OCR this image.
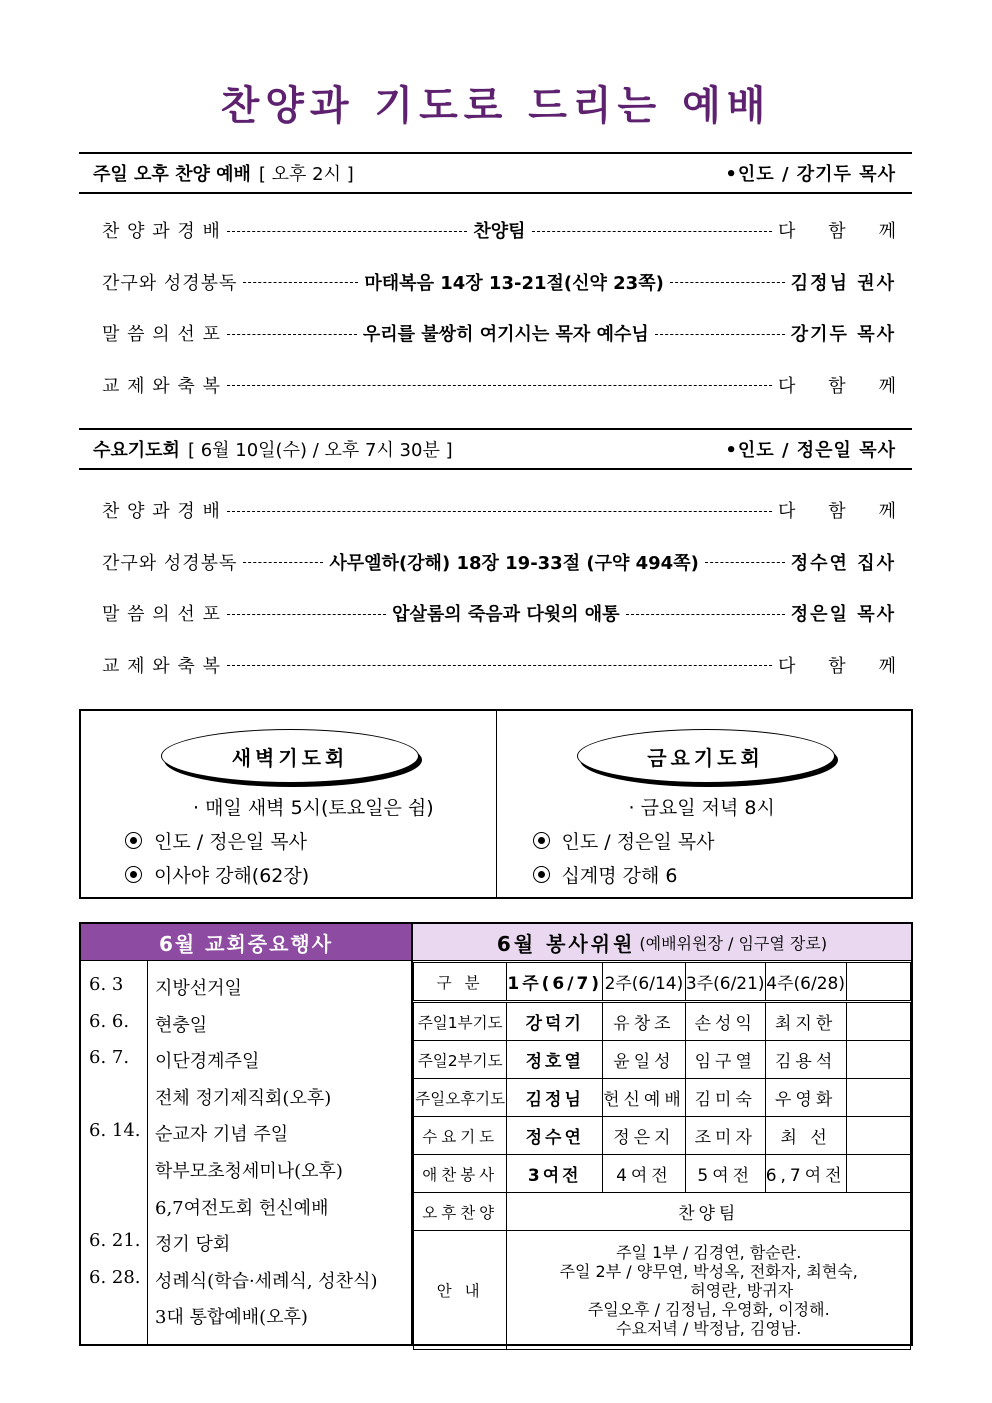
찬양과 기도로 드리는 예배
주일 오후 찬양 예배 [ 오후 2시 ]	•인도 / 강기두 목사
찬 양 과 경 배	찬양팀	다 함 께
간구와 성경봉독	마태복음 14장 13-21절(신약 23쪽)	김정님 권사
말 씀 의 선 포	우리를 불쌍히 여기시는 목자 예수님	강기두 목사
교 제 와 축 복	다 함 께
수요기도회 [ 6월 10일(수) / 오후 7시 30분 ]	•인도 / 정은일 목사
찬 양 과 경 배	다 함 께
간구와 성경봉독	사무엘하(강해) 18장 19-33절 (구약 494쪽)	정수연 집사
말 씀 의 선 포	압살롬의 죽음과 다윗의 애통	정은일 목사
교 제 와 축 복	다 함 께
새벽기도회
· 매일 새벽 5시(토요일은 쉼)
인도 / 정은일 목사
이사야 강해(62장)
금요기도회
· 금요일 저녁 8시
인도 / 정은일 목사
십계명 강해 6
6월 교회중요행사
6. 3 지방선거일
6. 6. 현충일
6. 7. 이단경계주일
전체 정기제직회(오후)
6. 14. 순교자 기념 주일
학부모초청세미나(오후)
6,7여전도회 헌신예배
6. 21. 정기 당회
6. 28. 성례식(학습·세례식, 성찬식)
3대 통합예배(오후)
6월 봉사위원 (예배위원장 / 임구열 장로)
구 분	1주(6/7)	2주(6/14)	3주(6/21)	4주(6/28)	
주일1부기도	강덕기	유창조	손성익	최지한	
주일2부기도	정호열	윤일성	임구열	김용석	
주일오후기도	김정님	헌신예배	김미숙	우영화	
수요기도	정수연	정은지	조미자	최 선	
애찬봉사	3여전	4여전	5여전	6,7여전	
오후찬양	찬양팀				
안 내	주일 1부 / 김경연, 함순란.
주일 2부 / 양무연, 박성옥, 전화자, 최현숙,
허영란, 방귀자
주일오후 / 김정님, 우영화, 이정해.
수요저녁 / 박정남, 김영남.				
